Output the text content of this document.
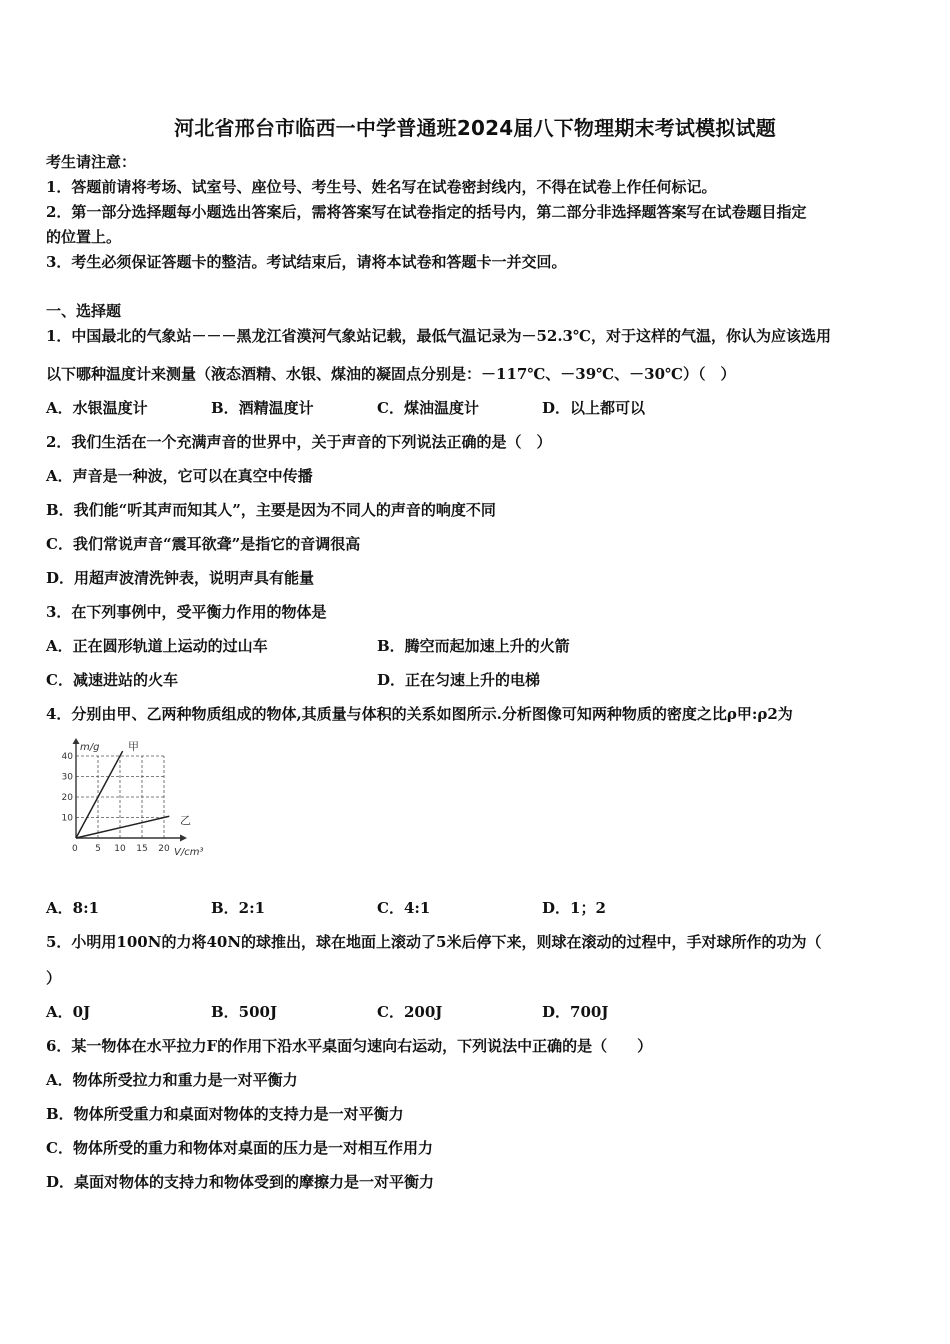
河北省邢台市临西一中学普通班2024届八下物理期末考试模拟试题
考生请注意：
1．答题前请将考场、试室号、座位号、考生号、姓名写在试卷密封线内，不得在试卷上作任何标记。
2．第一部分选择题每小题选出答案后，需将答案写在试卷指定的括号内，第二部分非选择题答案写在试卷题目指定
的位置上。
3．考生必须保证答题卡的整洁。考试结束后，请将本试卷和答题卡一并交回。
一、选择题
1．中国最北的气象站－－－黑龙江省漠河气象站记载，最低气温记录为－52.3℃，对于这样的气温，你认为应该选用
以下哪种温度计来测量（液态酒精、水银、煤油的凝固点分别是：－117℃、－39℃、－30℃）（　）
A．水银温度计	B．酒精温度计	C．煤油温度计	D．以上都可以
2．我们生活在一个充满声音的世界中，关于声音的下列说法正确的是（　）
A．声音是一种波，它可以在真空中传播
B．我们能“听其声而知其人”，主要是因为不同人的声音的响度不同
C．我们常说声音“震耳欲聋”是指它的音调很高
D．用超声波清洗钟表，说明声具有能量
3．在下列事例中，受平衡力作用的物体是
A．正在圆形轨道上运动的过山车	B．腾空而起加速上升的火箭
C．减速进站的火车	D．正在匀速上升的电梯
4．分别由甲、乙两种物质组成的物体,其质量与体积的关系如图所示.分析图像可知两种物质的密度之比ρ甲:ρ2为
10
20
30
40
5 10 15 20
m/g
V/cm³
0
甲
乙
A．8:1	B．2:1	C．4:1	D．1；2
5．小明用100N的力将40N的球推出，球在地面上滚动了5米后停下来，则球在滚动的过程中，手对球所作的功为（
）
A．0J	B．500J	C．200J	D．700J
6．某一物体在水平拉力F的作用下沿水平桌面匀速向右运动，下列说法中正确的是（　　）
A．物体所受拉力和重力是一对平衡力
B．物体所受重力和桌面对物体的支持力是一对平衡力
C．物体所受的重力和物体对桌面的压力是一对相互作用力
D．桌面对物体的支持力和物体受到的摩擦力是一对平衡力
